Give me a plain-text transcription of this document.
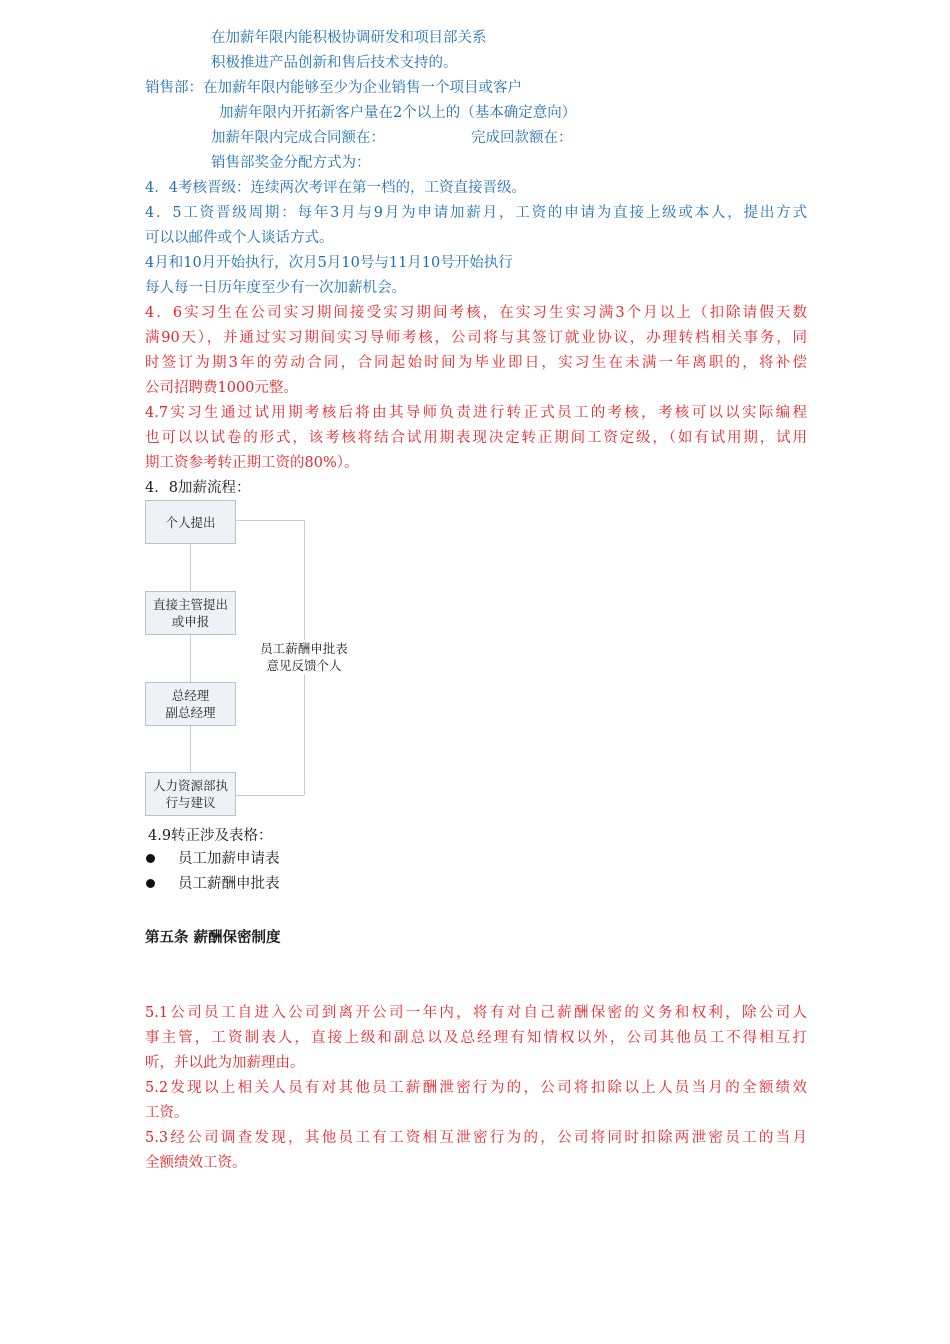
在加薪年限内能积极协调研发和项目部关系
积极推进产品创新和售后技术支持的。
销售部：在加薪年限内能够至少为企业销售一个项目或客户
加薪年限内开拓新客户量在2个以上的（基本确定意向）
加薪年限内完成合同额在：	完成回款额在：
销售部奖金分配方式为：
4．4考核晋级：连续两次考评在第一档的，工资直接晋级。
4．5工资晋级周期：每年3月与9月为申请加薪月，工资的申请为直接上级或本人，提出方式
可以以邮件或个人谈话方式。
4月和10月开始执行，次月5月10号与11月10号开始执行
每人每一日历年度至少有一次加薪机会。
4．6实习生在公司实习期间接受实习期间考核，在实习生实习满3个月以上（扣除请假天数
满90天），并通过实习期间实习导师考核，公司将与其签订就业协议，办理转档相关事务，同
时签订为期3年的劳动合同，合同起始时间为毕业即日，实习生在未满一年离职的，将补偿
公司招聘费1000元整。
4.7实习生通过试用期考核后将由其导师负责进行转正式员工的考核，考核可以以实际编程
也可以以试卷的形式，该考核将结合试用期表现决定转正期间工资定级，（如有试用期，试用
期工资参考转正期工资的80%）。
4．8加薪流程：
个人提出
直接主管提出
或申报
总经理
副总经理
人力资源部执
行与建议
员工薪酬申批表
意见反馈个人
4.9转正涉及表格：
员工加薪申请表
员工薪酬申批表
第五条 薪酬保密制度
5.1公司员工自进入公司到离开公司一年内，将有对自己薪酬保密的义务和权利，除公司人
事主管，工资制表人，直接上级和副总以及总经理有知情权以外，公司其他员工不得相互打
听，并以此为加薪理由。
5.2发现以上相关人员有对其他员工薪酬泄密行为的，公司将扣除以上人员当月的全额绩效
工资。
5.3经公司调查发现，其他员工有工资相互泄密行为的，公司将同时扣除两泄密员工的当月
全额绩效工资。
